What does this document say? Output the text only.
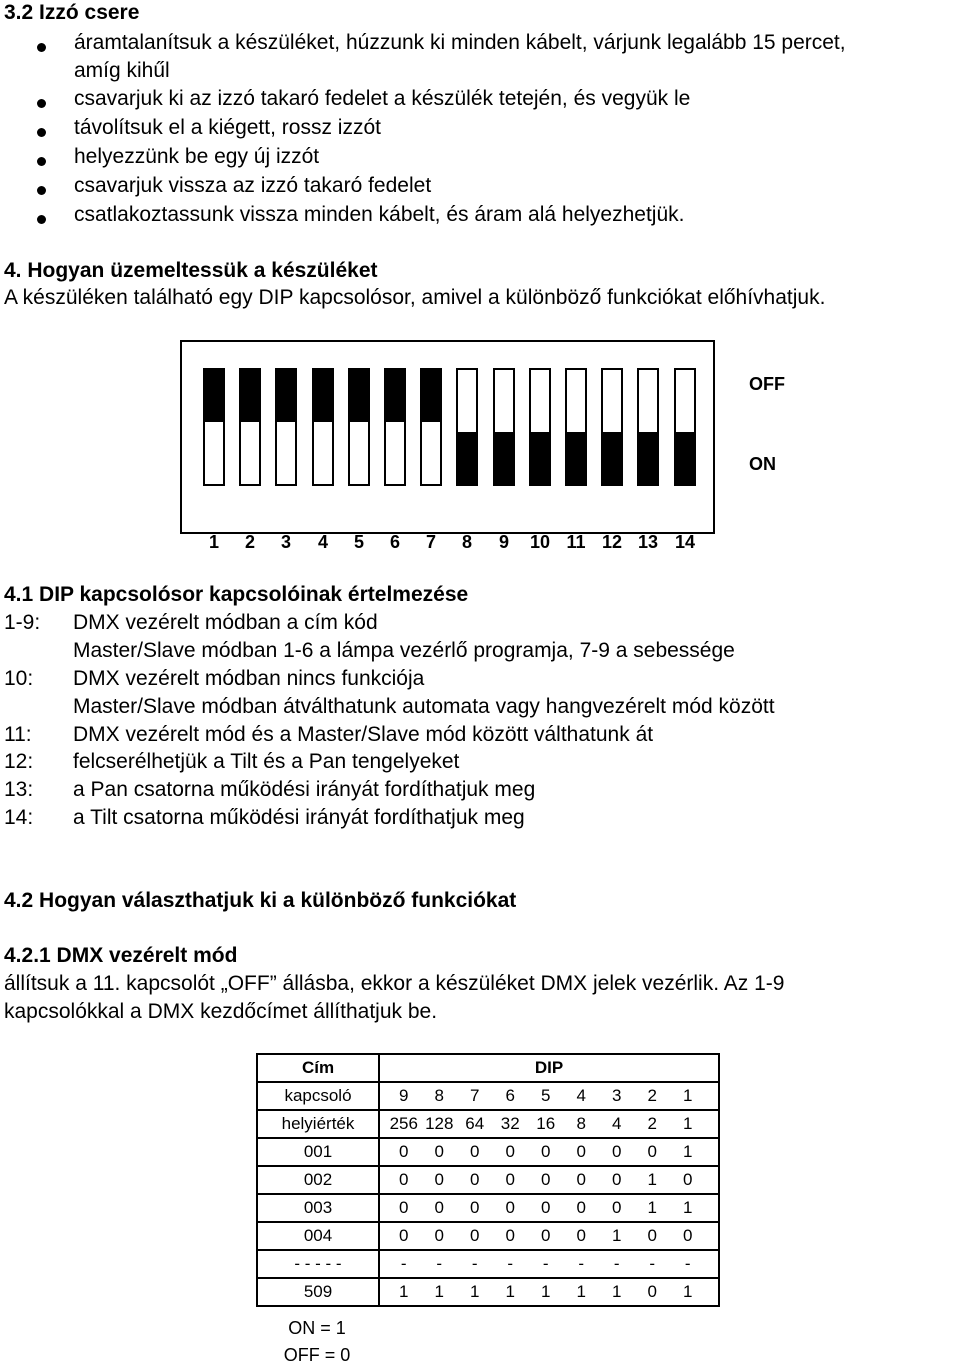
3.2 Izzó csere
áramtalanítsuk a készüléket, húzzunk ki minden kábelt, várjunk legalább 15 percet,
amíg kihűl
csavarjuk ki az izzó takaró fedelet a készülék tetején, és vegyük le
távolítsuk el a kiégett, rossz izzót
helyezzünk be egy új izzót
csavarjuk vissza az izzó takaró fedelet
csatlakoztassunk vissza minden kábelt, és áram alá helyezhetjük.
4. Hogyan üzemeltessük a készüléket
A készüléken található egy DIP kapcsolósor, amivel a különböző funkciókat előhívhatjuk.
OFF
ON
1	2	3	4	5	6	7	8	9	10 11 12 13 14
4.1 DIP kapcsolósor kapcsolóinak értelmezése
1-9: DMX vezérelt módban a cím kód
Master/Slave módban 1-6 a lámpa vezérlő programja, 7-9 a sebessége
10: DMX vezérelt módban nincs funkciója
Master/Slave módban átválthatunk automata vagy hangvezérelt mód között
11: DMX vezérelt mód és a Master/Slave mód között válthatunk át
12: felcserélhetjük a Tilt és a Pan tengelyeket
13: a Pan csatorna működési irányát fordíthatjuk meg
14: a Tilt csatorna működési irányát fordíthatjuk meg
4.2 Hogyan választhatjuk ki a különböző funkciókat
4.2.1 DMX vezérelt mód
állítsuk a 11. kapcsolót „OFF” állásba, ekkor a készüléket DMX jelek vezérlik. Az 1-9
kapcsolókkal a DMX kezdőcímet állíthatjuk be.
Cím	DIP
kapcsoló	9 8 7 6 5 4 3 2 1
helyiérték	256 128 64 32 16 8 4 2 1
001	0 0 0 0 0 0 0 0 1
002	0 0 0 0 0 0 0 1 0
003	0 0 0 0 0 0 0 1 1
004	0 0 0 0 0 0 1 0 0
- - - - -	- - - - - - - - -
509	1 1 1 1 1 1 1 0 1
ON = 1
OFF = 0
